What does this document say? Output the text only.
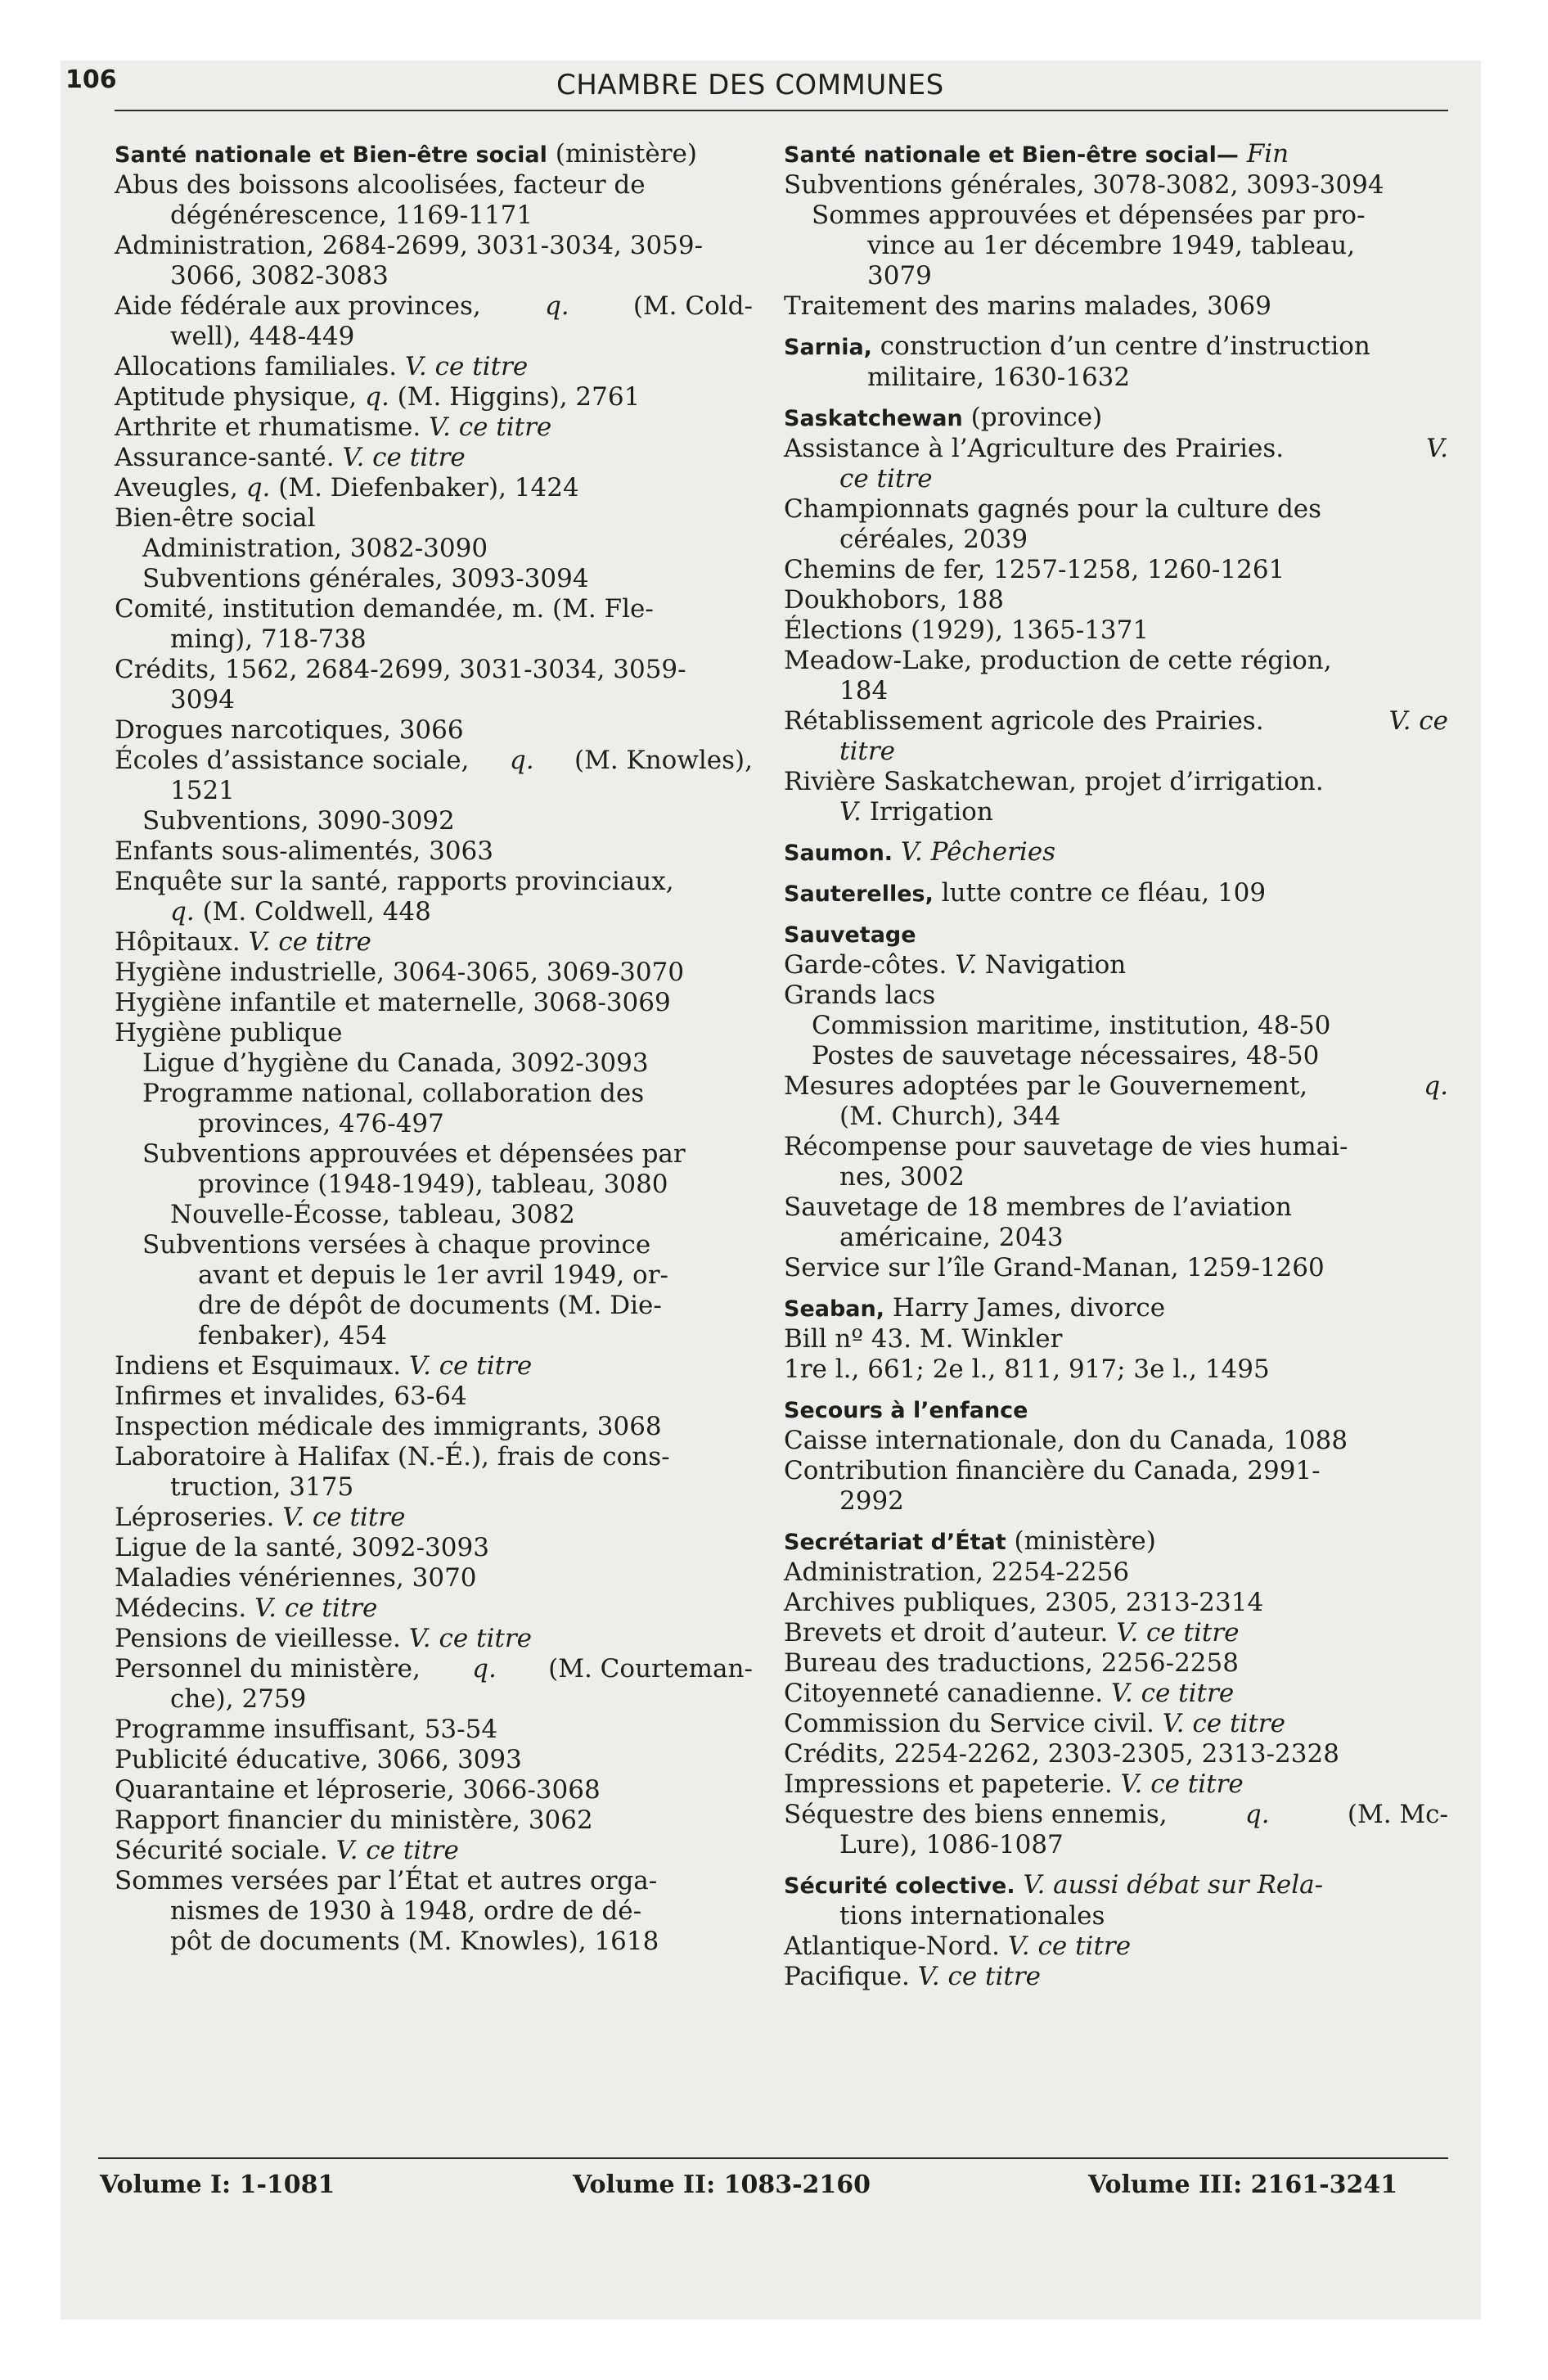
106	CHAMBRE DES COMMUNES
Santé nationale et Bien-être social (ministère)
Abus des boissons alcoolisées, facteur de
dégénérescence, 1169-1171
Administration, 2684-2699, 3031-3034, 3059-
3066, 3082-3083
Aide fédérale aux provinces,	q.	(M. Cold-
well), 448-449
Allocations familiales. V. ce titre
Aptitude physique, q. (M. Higgins), 2761
Arthrite et rhumatisme. V. ce titre
Assurance-santé. V. ce titre
Aveugles, q. (M. Diefenbaker), 1424
Bien-être social
Administration, 3082-3090
Subventions générales, 3093-3094
Comité, institution demandée, m. (M. Fle-
ming), 718-738
Crédits, 1562, 2684-2699, 3031-3034, 3059-
3094
Drogues narcotiques, 3066
Écoles d’assistance sociale,	q.	(M. Knowles),
1521
Subventions, 3090-3092
Enfants sous-alimentés, 3063
Enquête sur la santé, rapports provinciaux,
q. (M. Coldwell, 448
Hôpitaux. V. ce titre
Hygiène industrielle, 3064-3065, 3069-3070
Hygiène infantile et maternelle, 3068-3069
Hygiène publique
Ligue d’hygiène du Canada, 3092-3093
Programme national, collaboration des
provinces, 476-497
Subventions approuvées et dépensées par
province (1948-1949), tableau, 3080
Nouvelle-Écosse, tableau, 3082
Subventions versées à chaque province
avant et depuis le 1er avril 1949, or-
dre de dépôt de documents (M. Die-
fenbaker), 454
Indiens et Esquimaux. V. ce titre
Infirmes et invalides, 63-64
Inspection médicale des immigrants, 3068
Laboratoire à Halifax (N.-É.), frais de cons-
truction, 3175
Léproseries. V. ce titre
Ligue de la santé, 3092-3093
Maladies vénériennes, 3070
Médecins. V. ce titre
Pensions de vieillesse. V. ce titre
Personnel du ministère,	q.	(M. Courteman-
che), 2759
Programme insuffisant, 53-54
Publicité éducative, 3066, 3093
Quarantaine et léproserie, 3066-3068
Rapport financier du ministère, 3062
Sécurité sociale. V. ce titre
Sommes versées par l’État et autres orga-
nismes de 1930 à 1948, ordre de dé-
pôt de documents (M. Knowles), 1618
Santé nationale et Bien-être social— Fin
Subventions générales, 3078-3082, 3093-3094
Sommes approuvées et dépensées par pro-
vince au 1er décembre 1949, tableau,
3079
Traitement des marins malades, 3069
Sarnia, construction d’un centre d’instruction
militaire, 1630-1632
Saskatchewan (province)
Assistance à l’Agriculture des Prairies.	V.
ce titre
Championnats gagnés pour la culture des
céréales, 2039
Chemins de fer, 1257-1258, 1260-1261
Doukhobors, 188
Élections (1929), 1365-1371
Meadow-Lake, production de cette région,
184
Rétablissement agricole des Prairies.	V. ce
titre
Rivière Saskatchewan, projet d’irrigation.
V. Irrigation
Saumon. V. Pêcheries
Sauterelles, lutte contre ce fléau, 109
Sauvetage
Garde-côtes. V. Navigation
Grands lacs
Commission maritime, institution, 48-50
Postes de sauvetage nécessaires, 48-50
Mesures adoptées par le Gouvernement,	q.
(M. Church), 344
Récompense pour sauvetage de vies humai-
nes, 3002
Sauvetage de 18 membres de l’aviation
américaine, 2043
Service sur l’île Grand-Manan, 1259-1260
Seaban, Harry James, divorce
Bill nº 43. M. Winkler
1re l., 661; 2e l., 811, 917; 3e l., 1495
Secours à l’enfance
Caisse internationale, don du Canada, 1088
Contribution financière du Canada, 2991-
2992
Secrétariat d’État (ministère)
Administration, 2254-2256
Archives publiques, 2305, 2313-2314
Brevets et droit d’auteur. V. ce titre
Bureau des traductions, 2256-2258
Citoyenneté canadienne. V. ce titre
Commission du Service civil. V. ce titre
Crédits, 2254-2262, 2303-2305, 2313-2328
Impressions et papeterie. V. ce titre
Séquestre des biens ennemis,	q.	(M. Mc-
Lure), 1086-1087
Sécurité colective. V. aussi débat sur Rela-
tions internationales
Atlantique-Nord. V. ce titre
Pacifique. V. ce titre
Volume I: 1-1081	Volume II: 1083-2160	Volume III: 2161-3241
